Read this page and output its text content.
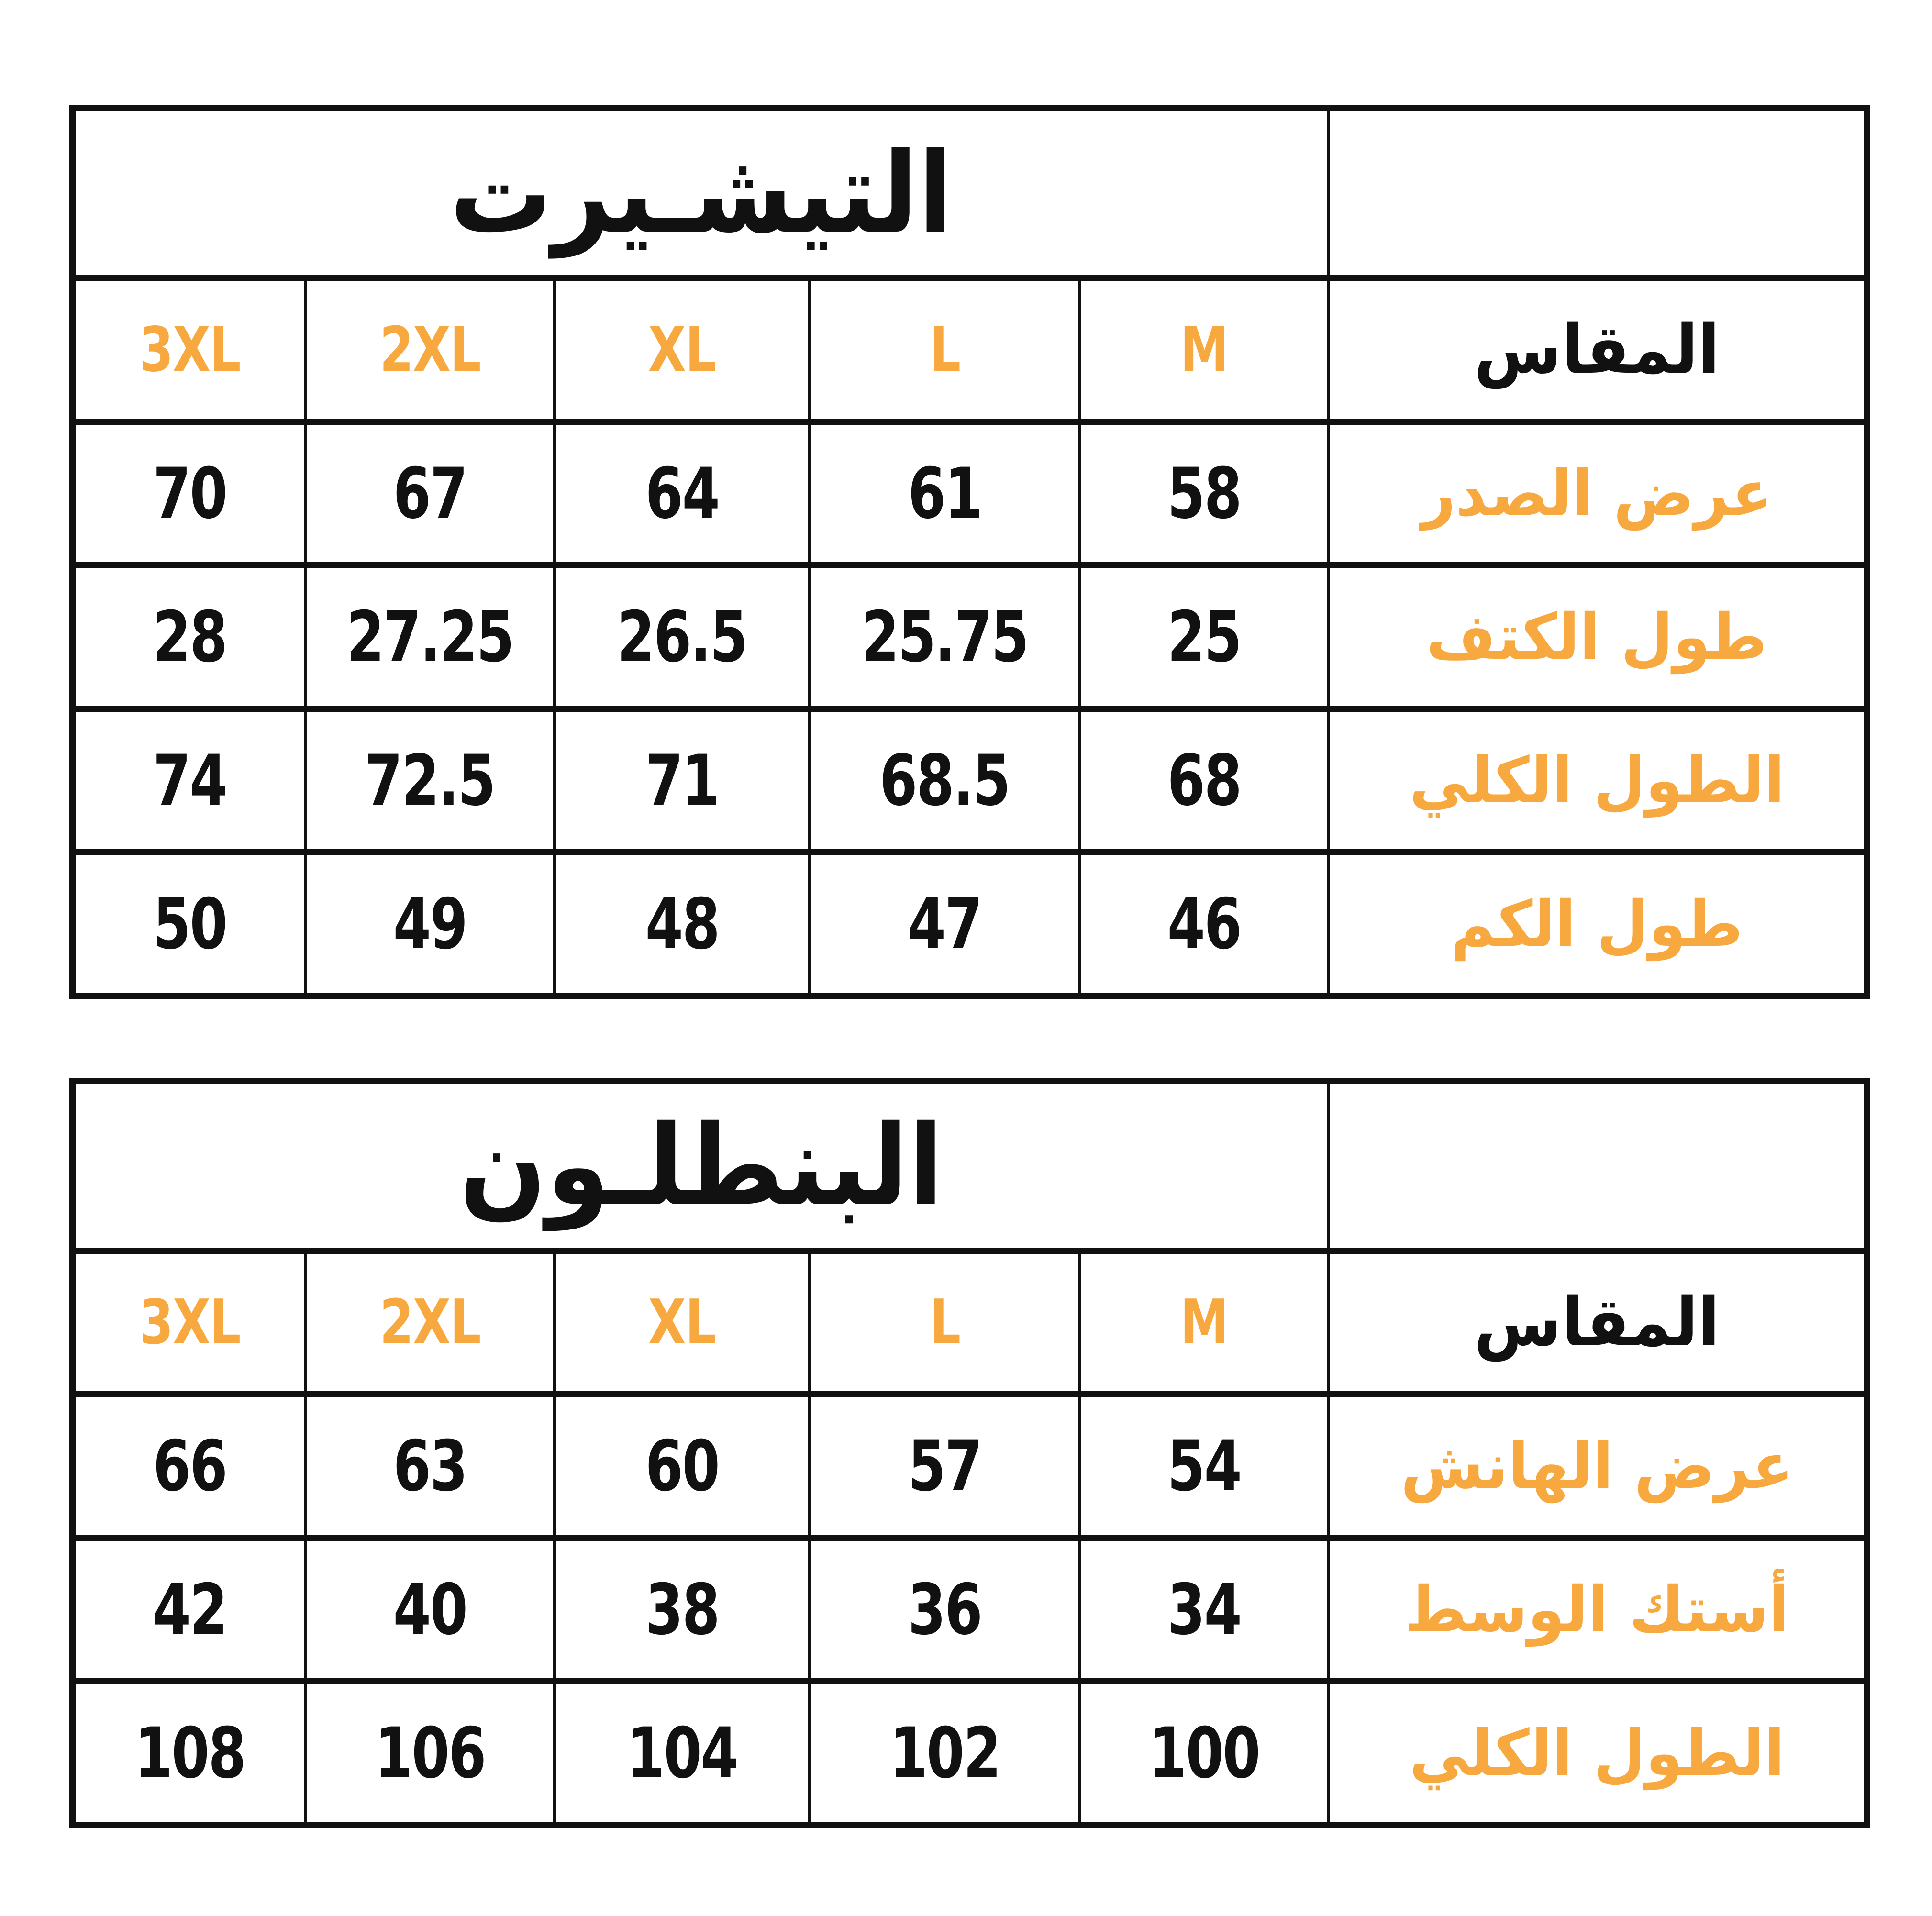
التيشـيرت					
3XL	2XL	XL	L	M	المقاس
70	67	64	61	58	عرض الصدر
28	27.25	26.5	25.75	25	طول الكتف
74	72.5	71	68.5	68	الطول الكلي
50	49	48	47	46	طول الكم
البنطلـون					
3XL	2XL	XL	L	M	المقاس
66	63	60	57	54	عرض الهانش
42	40	38	36	34	أستك الوسط
108	106	104	102	100	الطول الكلي
